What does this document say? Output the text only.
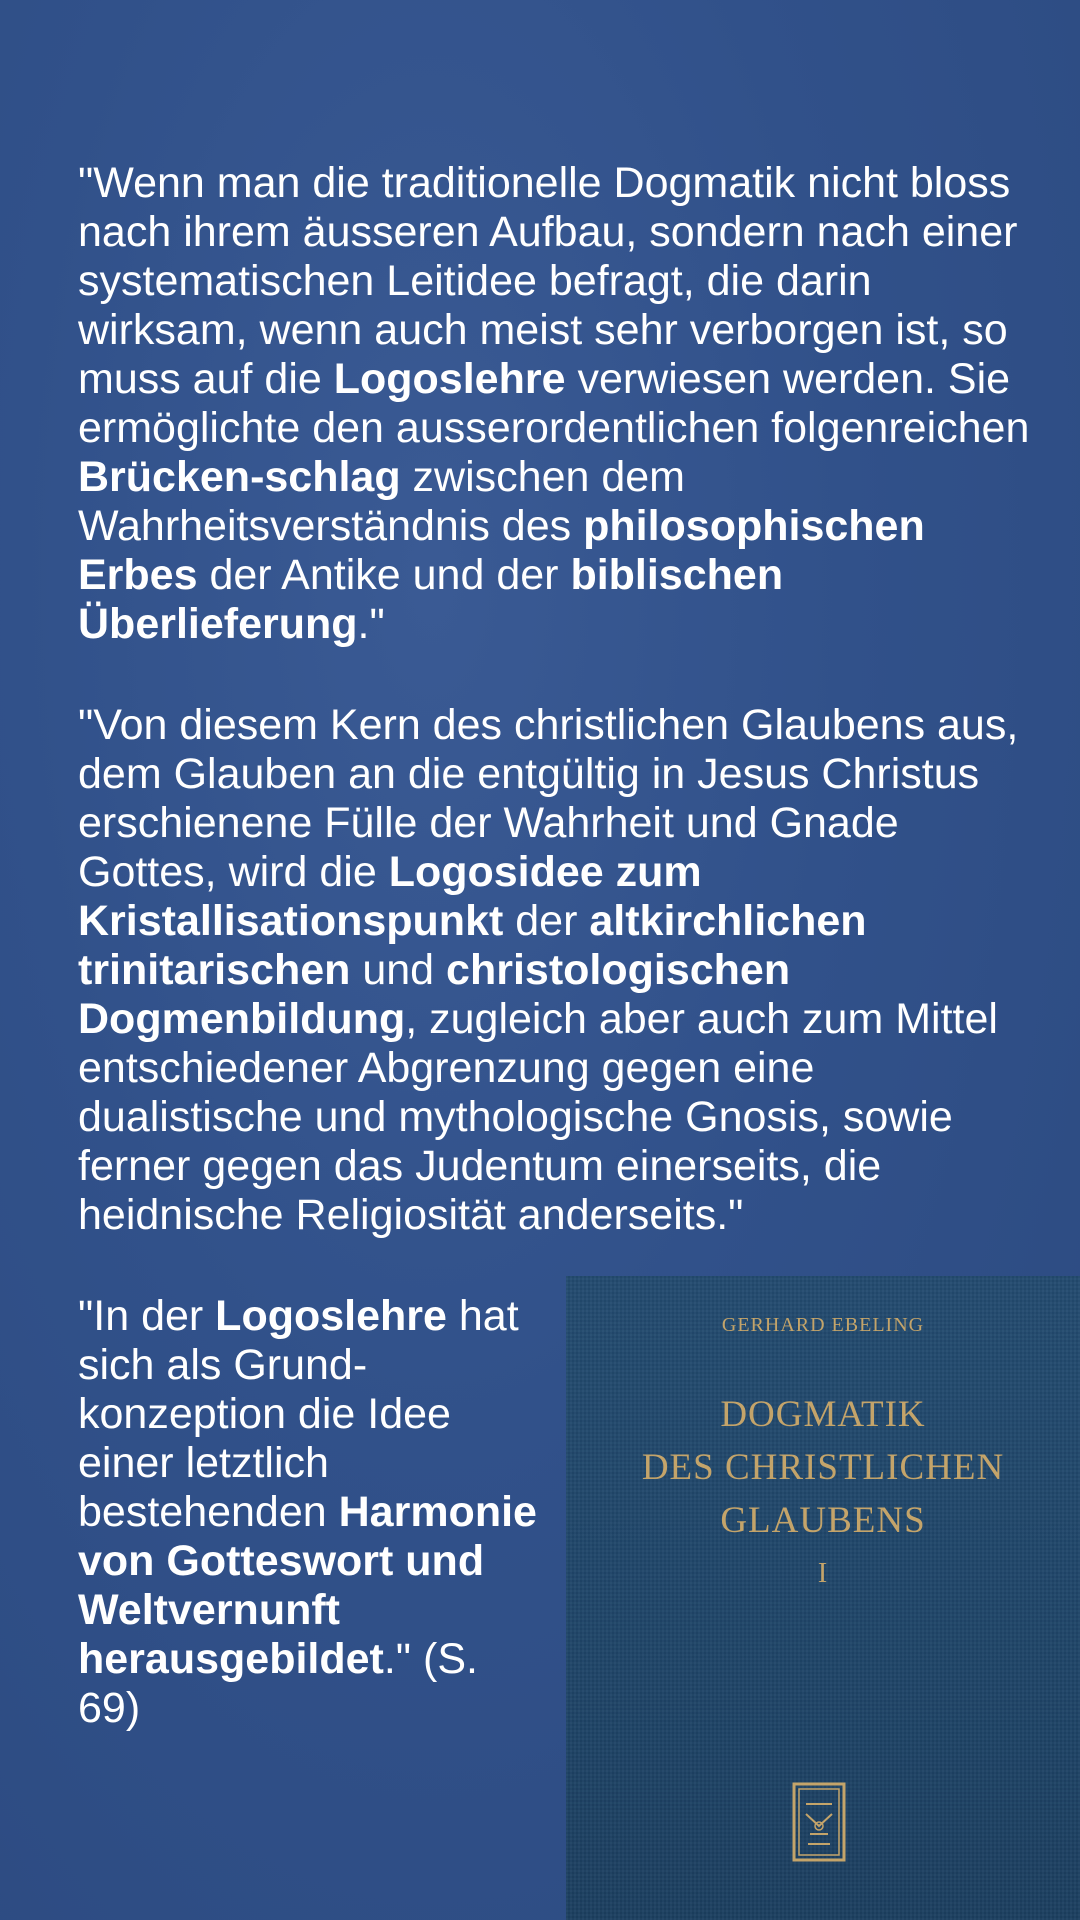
"Wenn man die traditionelle Dogmatik nicht bloss nach ihrem äusseren Aufbau, sondern nach einer systematischen Leitidee befragt, die darin wirksam, wenn auch meist sehr verborgen ist, so muss auf die Logoslehre verwiesen werden. Sie ermöglichte den ausserordentlichen folgenreichen Brücken-schlag zwischen dem Wahrheitsverständnis des philosophischen Erbes der Antike und der biblischen Überlieferung."

"Von diesem Kern des christlichen Glaubens aus, dem Glauben an die entgültig in Jesus Christus erschienene Fülle der Wahrheit und Gnade Gottes, wird die Logosidee zum Kristallisationspunkt der altkirchlichen trinitarischen und christologischen Dogmenbildung, zugleich aber auch zum Mittel entschiedener Abgrenzung gegen eine dualistische und mythologische Gnosis, sowie ferner gegen das Judentum einerseits, die heidnische Religiosität anderseits."

"In der Logoslehre hat sich als Grund-konzeption die Idee einer letztlich bestehenden Harmonie von Gotteswort und Weltvernunft herausgebildet." (S. 69)

GERHARD EBELING
DOGMATIK
DES CHRISTLICHEN
GLAUBENS
I
